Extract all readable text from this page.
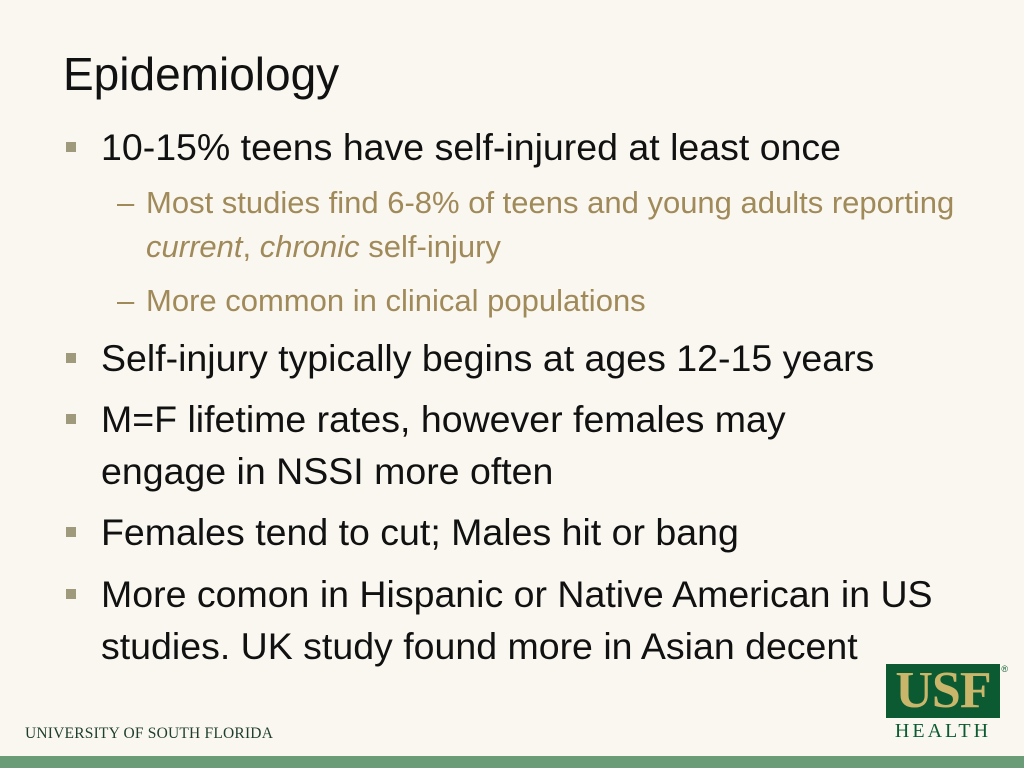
Epidemiology
10-15% teens have self-injured at least once
– Most studies find 6-8% of teens and young adults reporting current, chronic self-injury
– More common in clinical populations
Self-injury typically begins at ages 12-15 years
M=F lifetime rates, however females may engage in NSSI more often
Females tend to cut; Males hit or bang
More comon in Hispanic or Native American in US studies. UK study found more in Asian decent
UNIVERSITY OF SOUTH FLORIDA
USF ®
HEALTH
